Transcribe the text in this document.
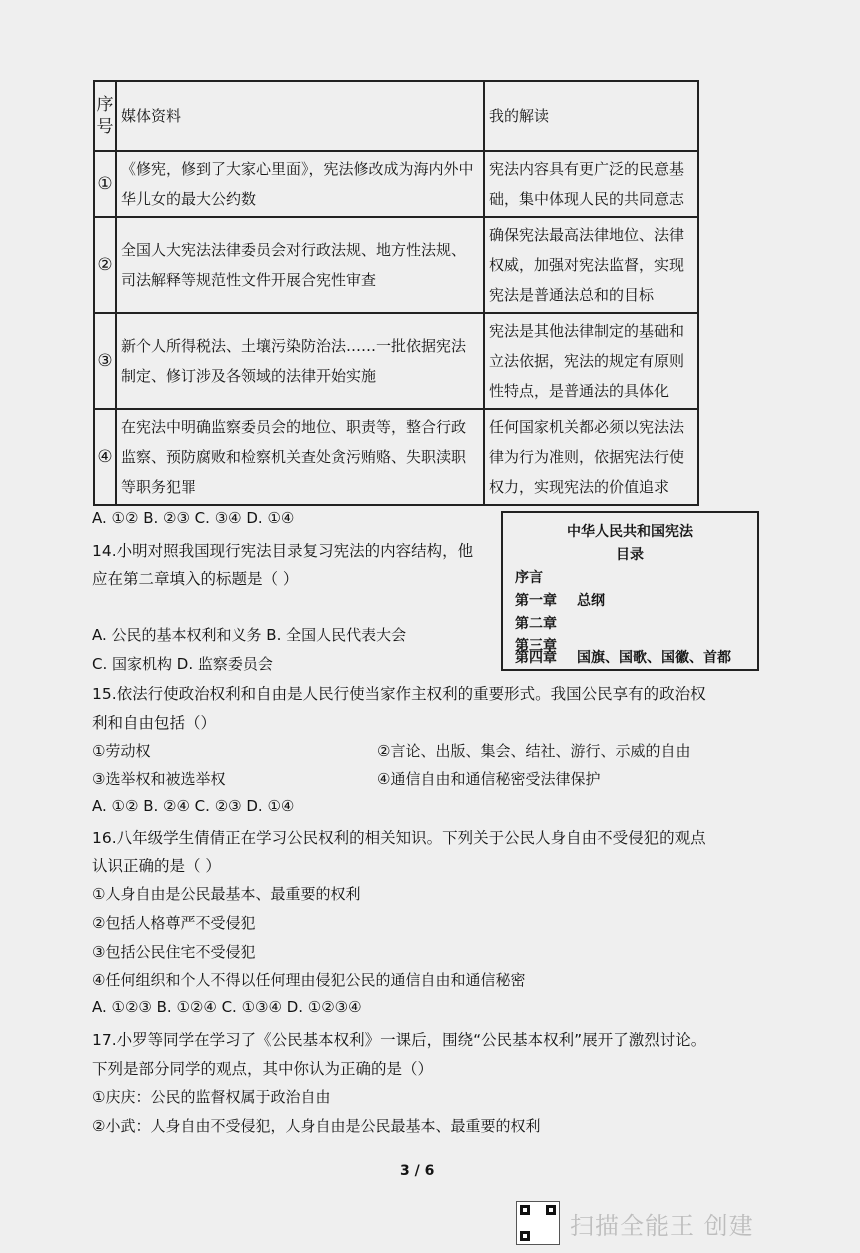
序号	媒体资料	我的解读
①	《修宪，修到了大家心里面》，宪法修改成为海内外中华儿女的最大公约数	宪法内容具有更广泛的民意基础，集中体现人民的共同意志
②	全国人大宪法法律委员会对行政法规、地方性法规、司法解释等规范性文件开展合宪性审查	确保宪法最高法律地位、法律权威，加强对宪法监督，实现宪法是普通法总和的目标
③	新个人所得税法、土壤污染防治法……一批依据宪法制定、修订涉及各领域的法律开始实施	宪法是其他法律制定的基础和立法依据，宪法的规定有原则性特点，是普通法的具体化
④	在宪法中明确监察委员会的地位、职责等，整合行政监察、预防腐败和检察机关查处贪污贿赂、失职渎职等职务犯罪	任何国家机关都必须以宪法法律为行为准则，依据宪法行使权力，实现宪法的价值追求
A. ①② B. ②③ C. ③④ D. ①④
中华人民共和国宪法
目录
序言
第一章 总纲
第二章
第三章
第四章 国旗、国歌、国徽、首都
14.小明对照我国现行宪法目录复习宪法的内容结构，他
应在第二章填入的标题是（ ）
A. 公民的基本权利和义务 B. 全国人民代表大会
C. 国家机构 D. 监察委员会
15.依法行使政治权利和自由是人民行使当家作主权利的重要形式。我国公民享有的政治权
利和自由包括（）
①劳动权	②言论、出版、集会、结社、游行、示威的自由
③选举权和被选举权	④通信自由和通信秘密受法律保护
A. ①② B. ②④ C. ②③ D. ①④
16.八年级学生倩倩正在学习公民权利的相关知识。下列关于公民人身自由不受侵犯的观点
认识正确的是（ ）
①人身自由是公民最基本、最重要的权利
②包括人格尊严不受侵犯
③包括公民住宅不受侵犯
④任何组织和个人不得以任何理由侵犯公民的通信自由和通信秘密
A. ①②③ B. ①②④ C. ①③④ D. ①②③④
17.小罗等同学在学习了《公民基本权利》一课后，围绕“公民基本权利”展开了激烈讨论。
下列是部分同学的观点，其中你认为正确的是（）
①庆庆：公民的监督权属于政治自由
②小武：人身自由不受侵犯，人身自由是公民最基本、最重要的权利
3 / 6
扫描全能王 创建
